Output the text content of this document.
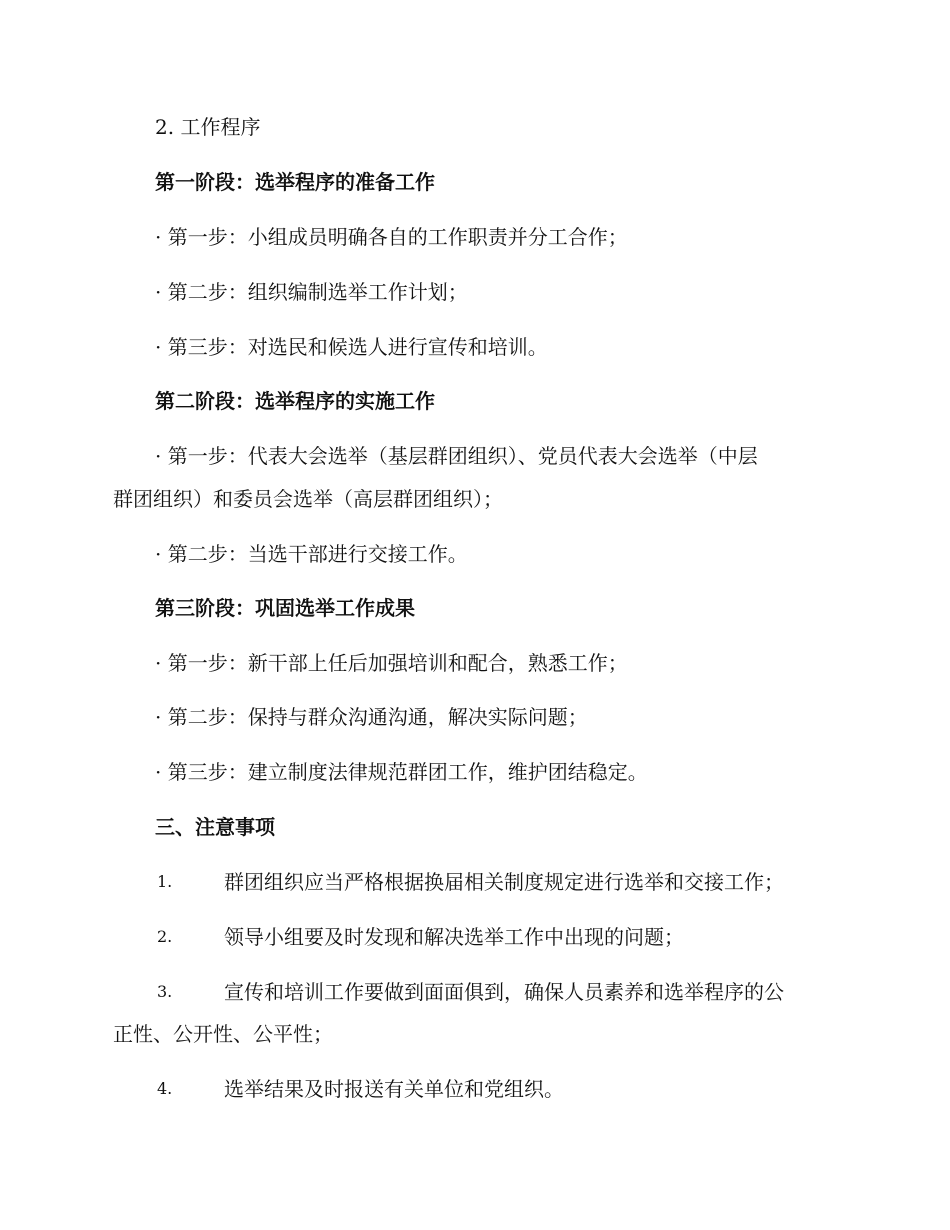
2. 工作程序
第一阶段：选举程序的准备工作
· 第一步：小组成员明确各自的工作职责并分工合作；
· 第二步：组织编制选举工作计划；
· 第三步：对选民和候选人进行宣传和培训。
第二阶段：选举程序的实施工作
· 第一步：代表大会选举（基层群团组织）、党员代表大会选举（中层
群团组织）和委员会选举（高层群团组织）；
· 第二步：当选干部进行交接工作。
第三阶段：巩固选举工作成果
· 第一步：新干部上任后加强培训和配合，熟悉工作；
· 第二步：保持与群众沟通沟通，解决实际问题；
· 第三步：建立制度法律规范群团工作，维护团结稳定。
三、注意事项
1.	群团组织应当严格根据换届相关制度规定进行选举和交接工作；
2.	领导小组要及时发现和解决选举工作中出现的问题；
3.	宣传和培训工作要做到面面俱到，确保人员素养和选举程序的公
正性、公开性、公平性；
4.	选举结果及时报送有关单位和党组织。
